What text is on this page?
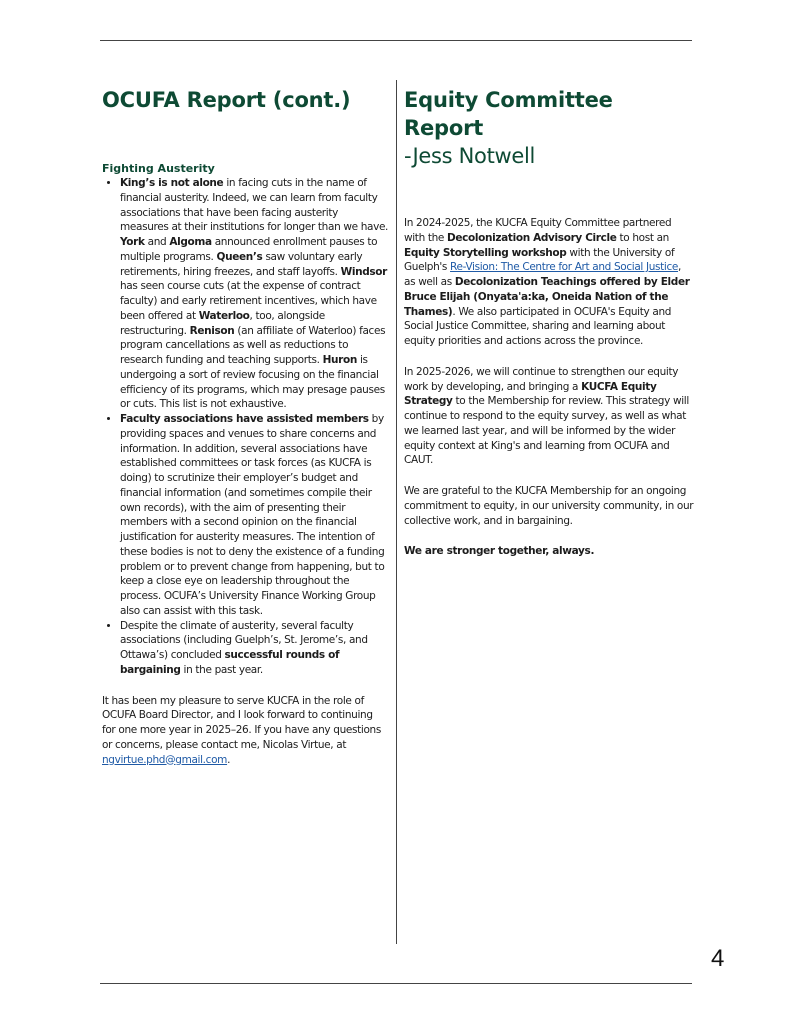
OCUFA Report (cont.)
Fighting Austerity
• King’s is not alone in facing cuts in the name of financial austerity. Indeed, we can learn from faculty associations that have been facing austerity measures at their institutions for longer than we have. York and Algoma announced enrollment pauses to multiple programs. Queen’s saw voluntary early retirements, hiring freezes, and staff layoffs. Windsor has seen course cuts (at the expense of contract faculty) and early retirement incentives, which have been offered at Waterloo, too, alongside restructuring. Renison (an affiliate of Waterloo) faces program cancellations as well as reductions to research funding and teaching supports. Huron is undergoing a sort of review focusing on the financial efficiency of its programs, which may presage pauses or cuts. This list is not exhaustive.
• Faculty associations have assisted members by providing spaces and venues to share concerns and information. In addition, several associations have established committees or task forces (as KUCFA is doing) to scrutinize their employer’s budget and financial information (and sometimes compile their own records), with the aim of presenting their members with a second opinion on the financial justification for austerity measures. The intention of these bodies is not to deny the existence of a funding problem or to prevent change from happening, but to keep a close eye on leadership throughout the process. OCUFA’s University Finance Working Group also can assist with this task.
• Despite the climate of austerity, several faculty associations (including Guelph’s, St. Jerome’s, and Ottawa’s) concluded successful rounds of bargaining in the past year.

It has been my pleasure to serve KUCFA in the role of OCUFA Board Director, and I look forward to continuing for one more year in 2025–26. If you have any questions or concerns, please contact me, Nicolas Virtue, at ngvirtue.phd@gmail.com.

Equity Committee Report
-Jess Notwell

In 2024-2025, the KUCFA Equity Committee partnered with the Decolonization Advisory Circle to host an Equity Storytelling workshop with the University of Guelph's Re-Vision: The Centre for Art and Social Justice, as well as Decolonization Teachings offered by Elder Bruce Elijah (Onyata'a:ka, Oneida Nation of the Thames). We also participated in OCUFA's Equity and Social Justice Committee, sharing and learning about equity priorities and actions across the province.

In 2025-2026, we will continue to strengthen our equity work by developing, and bringing a KUCFA Equity Strategy to the Membership for review. This strategy will continue to respond to the equity survey, as well as what we learned last year, and will be informed by the wider equity context at King's and learning from OCUFA and CAUT.

We are grateful to the KUCFA Membership for an ongoing commitment to equity, in our university community, in our collective work, and in bargaining.

We are stronger together, always.

4
